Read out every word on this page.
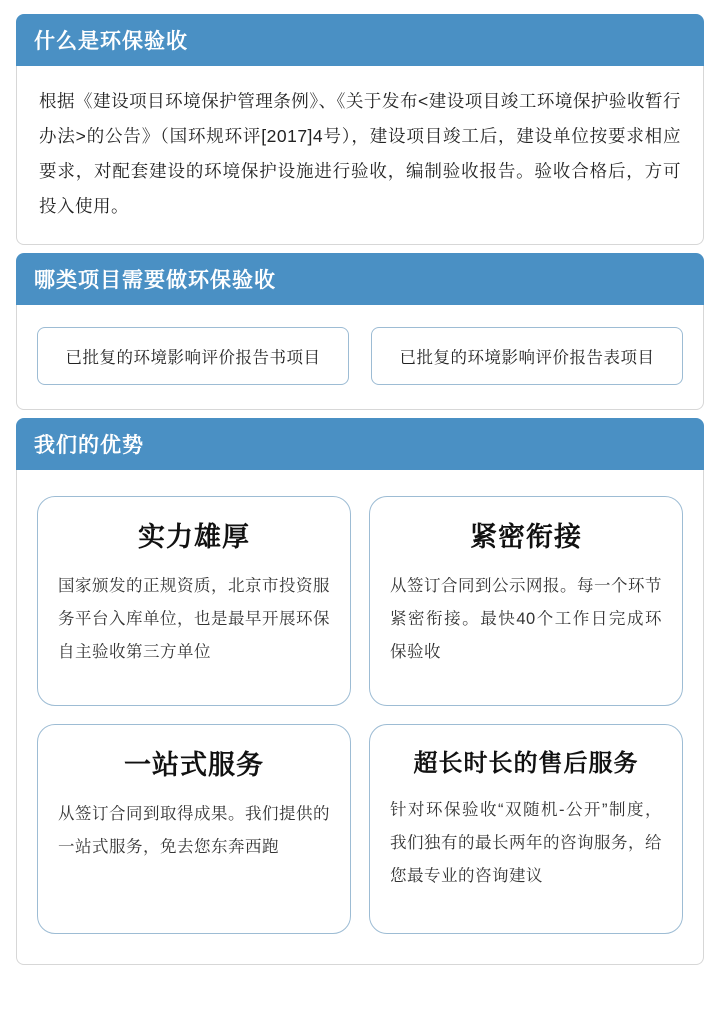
什么是环保验收
根据《建设项目环境保护管理条例》、《关于发布<建设项目竣工环境保护验收暂行办法>的公告》（国环规环评[2017]4号），建设项目竣工后，建设单位按要求相应要求，对配套建设的环境保护设施进行验收，编制验收报告。验收合格后，方可投入使用。
哪类项目需要做环保验收
已批复的环境影响评价报告书项目	已批复的环境影响评价报告表项目
我们的优势
实力雄厚
国家颁发的正规资质，北京市投资服务平台入库单位，也是最早开展环保自主验收第三方单位
紧密衔接
从签订合同到公示网报。每一个环节紧密衔接。最快40个工作日完成环保验收
一站式服务
从签订合同到取得成果。我们提供的一站式服务，免去您东奔西跑
超长时长的售后服务
针对环保验收“双随机-公开”制度，我们独有的最长两年的咨询服务，给您最专业的咨询建议
